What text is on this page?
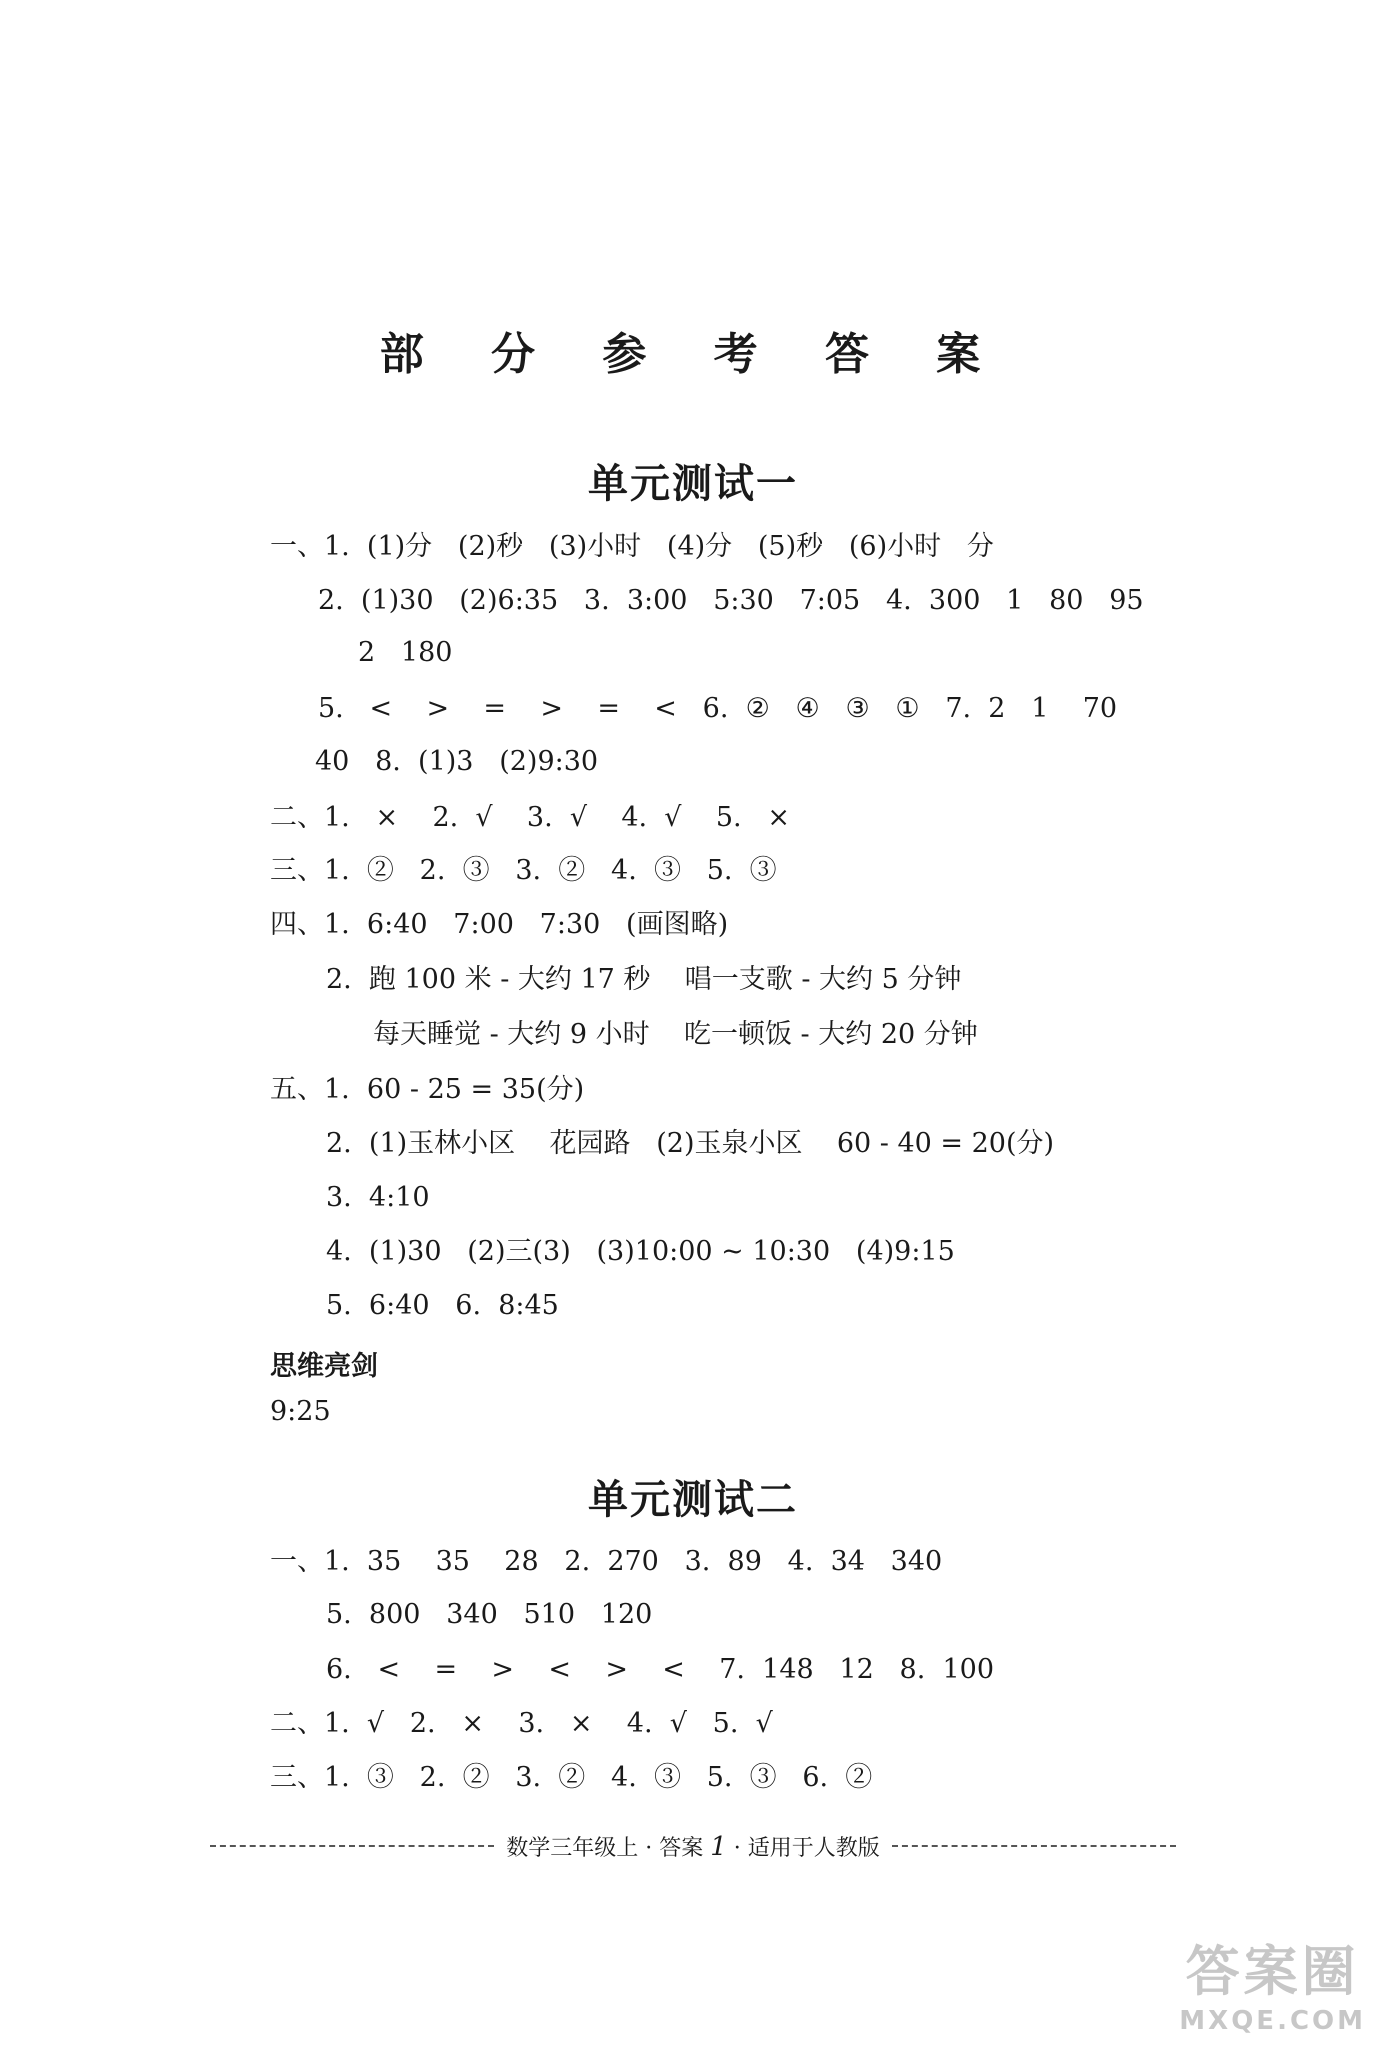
部 分 参 考 答 案
单元测试一
一、1.  (1)分   (2)秒   (3)小时   (4)分   (5)秒   (6)小时   分
2.  (1)30   (2)6:35   3.  3:00   5:30   7:05   4.  300   1   80   95
2   180
5.   <    >    =    >    =    <   6.  ②   ④   ③   ①   7.  2   1    70
40   8.  (1)3   (2)9:30
二、1.   ×    2.  √    3.  √    4.  √    5.   ×
三、1.  ②   2.  ③   3.  ②   4.  ③   5.  ③
四、1.  6:40   7:00   7:30   (画图略)
2.  跑 100 米 - 大约 17 秒    唱一支歌 - 大约 5 分钟
每天睡觉 - 大约 9 小时    吃一顿饭 - 大约 20 分钟
五、1.  60 - 25 = 35(分)
2.  (1)玉林小区    花园路   (2)玉泉小区    60 - 40 = 20(分)
3.  4:10
4.  (1)30   (2)三(3)   (3)10:00 ~ 10:30   (4)9:15
5.  6:40   6.  8:45
思维亮剑
9:25
单元测试二
一、1.  35    35    28   2.  270   3.  89   4.  34   340
5.  800   340   510   120
6.   <    =    >    <    >    <    7.  148   12   8.  100
二、1.  √   2.   ×    3.   ×    4.  √   5.  √
三、1.  ③   2.  ②   3.  ②   4.  ③   5.  ③   6.  ②
数学三年级上 · 答案 1 · 适用于人教版
答案圈
MXQE.COM
